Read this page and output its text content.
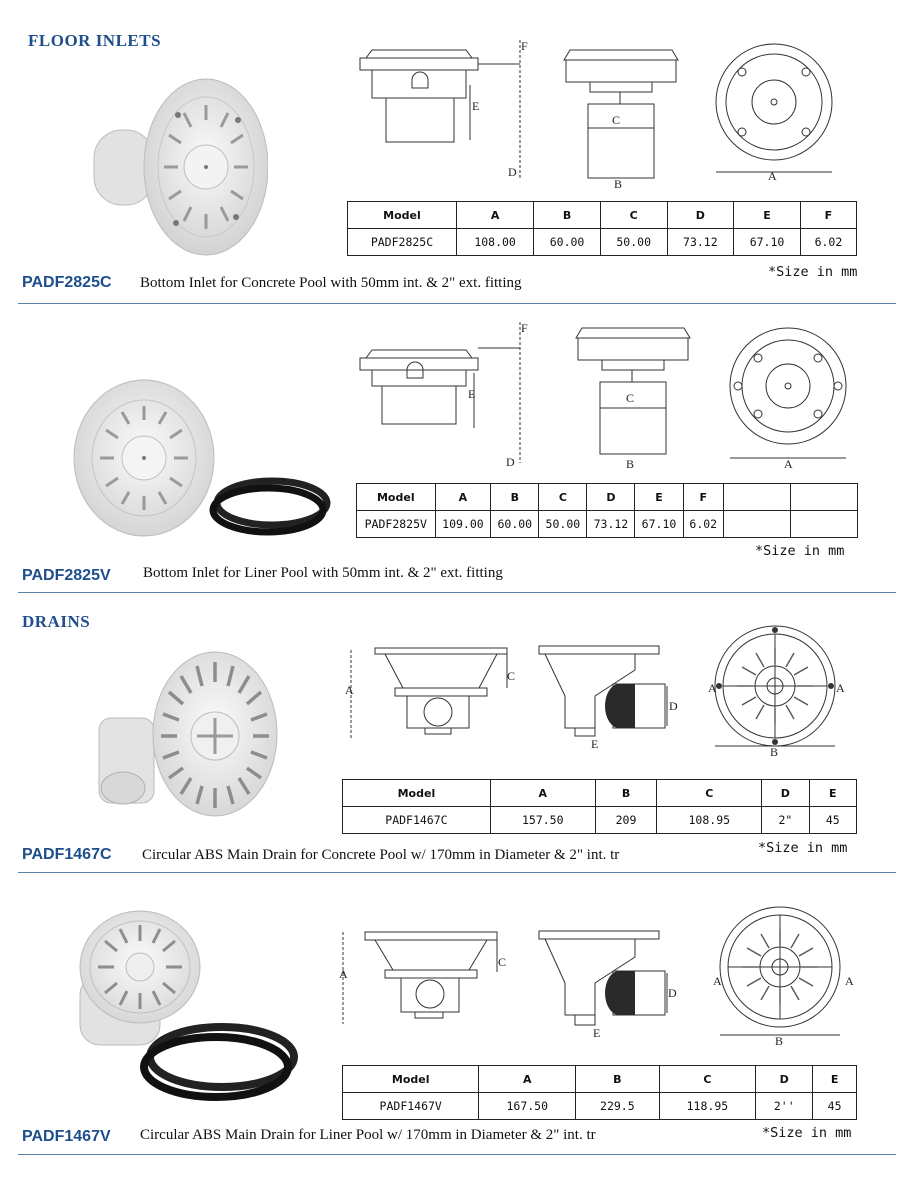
FLOOR INLETS
DRAINS
F
E
D
C
B
A
Model	A	B	C	D	E	F
PADF2825C	108.00	60.00	50.00	73.12	67.10	6.02
*Size in mm
PADF2825C Bottom Inlet for Concrete Pool with 50mm int. & 2" ext. fitting
F
E
D
C
B	A
Model	A	B	C	D	E	F		
PADF2825V	109.00	60.00	50.00	73.12	67.10	6.02		
*Size in mm
PADF2825V Bottom Inlet for Liner Pool with 50mm int. & 2" ext. fitting
A
C
D
E
A	A
B
Model	A	B	C	D	E
PADF1467C	157.50	209	108.95	2"	45
*Size in mm
PADF1467C Circular ABS Main Drain for Concrete Pool w/ 170mm in Diameter & 2" int. tr
A
C
D
E
A	A
B
Model	A	B	C	D	E
PADF1467V	167.50	229.5	118.95	2''	45
*Size in mm
PADF1467V Circular ABS Main Drain for Liner Pool w/ 170mm in Diameter & 2" int. tr
